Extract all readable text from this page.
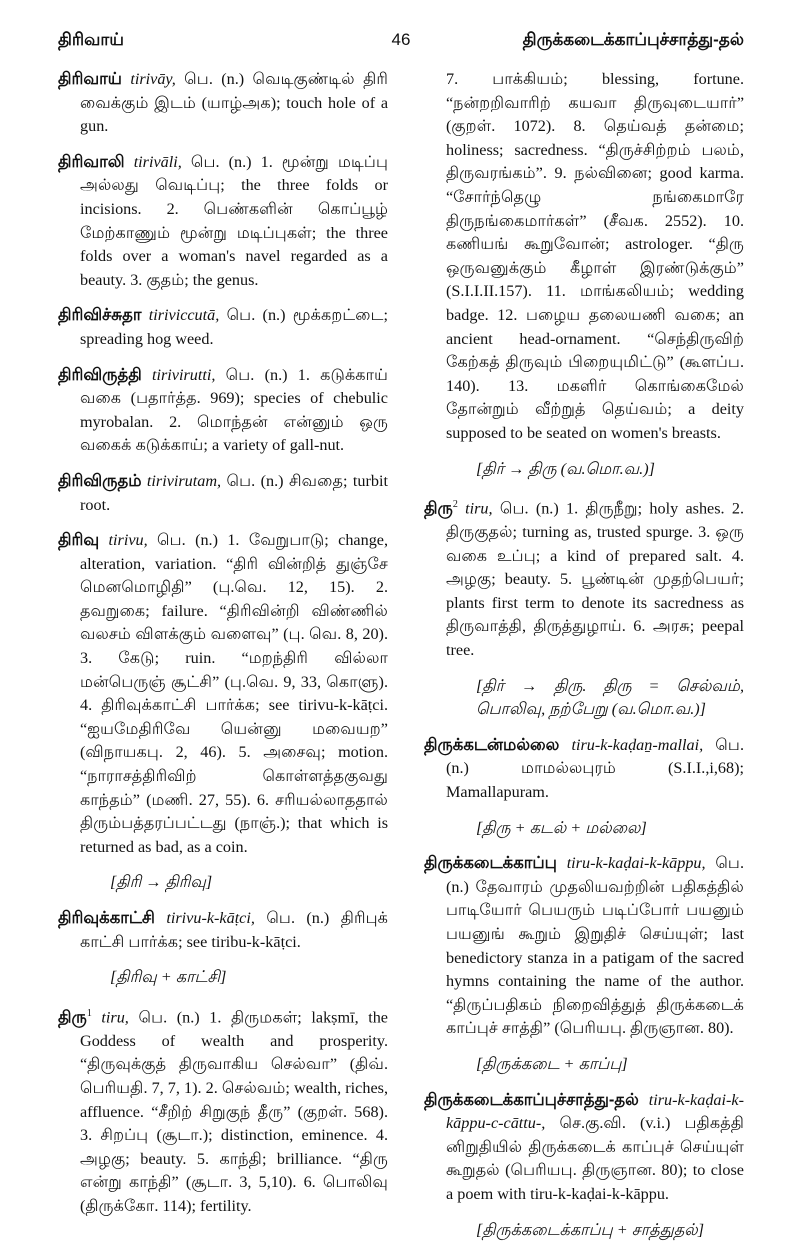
திரிவாய்	46	திருக்கடைக்காப்புச்சாத்து-தல்

திரிவாய் tirivāy, பெ. (n.) வெடிகுண்டில் திரி வைக்கும் இடம் (யாழ்அக); touch hole of a gun.

திரிவாலி tirivāli, பெ. (n.) 1. மூன்று மடிப்பு அல்லது வெடிப்பு; the three folds or incisions. 2. பெண்களின் கொப்பூழ் மேற்காணும் மூன்று மடிப்புகள்; the three folds over a woman's navel regarded as a beauty. 3. குதம்; the genus.

திரிவிச்சுதா tiriviccutā, பெ. (n.) மூக்கறட்டை; spreading hog weed.

திரிவிருத்தி tirivirutti, பெ. (n.) 1. கடுக்காய் வகை (பதார்த்த. 969); species of chebulic myrobalan. 2. மொந்தன் என்னும் ஒரு வகைக் கடுக்காய்; a variety of gall-nut.

திரிவிருதம் tirivirutam, பெ. (n.) சிவதை; turbit root.

திரிவு tirivu, பெ. (n.) 1. வேறுபாடு; change, alteration, variation. “திரி வின்றித் துஞ்சே மெனமொழிதி” (பு.வெ. 12, 15). 2. தவறுகை; failure. “திரிவின்றி விண்ணில் வலசம் விளக்கும் வளைவு” (பு. வெ. 8, 20). 3. கேடு; ruin. “மறந்திரி வில்லா மன்பெருஞ் சூட்சி” (பு.வெ. 9, 33, கொளு). 4. திரிவுக்காட்சி பார்க்க; see tirivu-k-kāṭci. “ஐயமேதிரிவே யென்னு மவையற” (விநாயகபு. 2, 46). 5. அசைவு; motion. “நாராசத்திரிவிற் கொள்ளத்தகுவது காந்தம்” (மணி. 27, 55). 6. சரியல்லாததால் திரும்பத்தரப்பட்டது (நாஞ்.); that which is returned as bad, as a coin.

[திரி → திரிவு]

திரிவுக்காட்சி tirivu-k-kāṭci, பெ. (n.) திரிபுக் காட்சி பார்க்க; see tiribu-k-kāṭci.

[திரிவு + காட்சி]

திரு$^1$ tiru, பெ. (n.) 1. திருமகள்; lakṣmī, the Goddess of wealth and prosperity. “திருவுக்குத் திருவாகிய செல்வா” (திவ். பெரியதி. 7, 7, 1). 2. செல்வம்; wealth, riches, affluence. “சீறிற் சிறுகுந் தீரு” (குறள். 568). 3. சிறப்பு (சூடா.); distinction, eminence. 4. அழகு; beauty. 5. காந்தி; brilliance. “திரு என்று காந்தி” (சூடா. 3, 5,10). 6. பொலிவு (திருக்கோ. 114); fertility.

7. பாக்கியம்; blessing, fortune. “நன்றறிவாரிற் கயவா திருவுடையார்” (குறள். 1072). 8. தெய்வத் தன்மை; holiness; sacredness. “திருச்சிற்றம் பலம், திருவரங்கம்”. 9. நல்வினை; good karma. “சோர்ந்தெழு நங்கைமாரே திருநங்கைமார்கள்” (சீவக. 2552). 10. கணியங் கூறுவோன்; astrologer. “திரு ஒருவனுக்கும் கீழாள் இரண்டுக்கும்” (S.I.I.II.157). 11. மாங்கலியம்; wedding badge. 12. பழைய தலையணி வகை; an ancient head-ornament. “செந்திருவிற் கேற்கத் திருவும் பிறையுமிட்டு” (கூளப்ப. 140). 13. மகளிர் கொங்கைமேல் தோன்றும் வீற்றுத் தெய்வம்; a deity supposed to be seated on women's breasts.

[திர் → திரு (வ.மொ.வ.)]

திரு$^2$ tiru, பெ. (n.) 1. திருநீறு; holy ashes. 2. திருகுதல்; turning as, trusted spurge. 3. ஒரு வகை உப்பு; a kind of prepared salt. 4. அழகு; beauty. 5. பூண்டின் முதற்பெயர்; plants first term to denote its sacredness as திருவாத்தி, திருத்துழாய். 6. அரசு; peepal tree.

[திர் → திரு. திரு = செல்வம், பொலிவு, நற்பேறு (வ.மொ.வ.)]

திருக்கடன்மல்லை tiru-k-kaḍaṉ-mallai, பெ. (n.) மாமல்லபுரம் (S.I.I.,i,68); Mamallapuram.

[திரு + கடல் + மல்லை]

திருக்கடைக்காப்பு tiru-k-kaḍai-k-kāppu, பெ. (n.) தேவாரம் முதலியவற்றின் பதிகத்தில் பாடியோர் பெயரும் படிப்போர் பயனும் பயனுங் கூறும் இறுதிச் செய்யுள்; last benedictory stanza in a patigam of the sacred hymns containing the name of the author. “திருப்பதிகம் நிறைவித்துத் திருக்கடைக் காப்புச் சாத்தி” (பெரியபு. திருஞான. 80).

[திருக்கடை + காப்பு]

திருக்கடைக்காப்புச்சாத்து-தல் tiru-k-kaḍai-k-kāppu-c-cāttu-, செ.கு.வி. (v.i.) பதிகத்தி னிறுதியில் திருக்கடைக் காப்புச் செய்யுள் கூறுதல் (பெரியபு. திருஞான. 80); to close a poem with tiru-k-kaḍai-k-kāppu.

[திருக்கடைக்காப்பு + சாத்துதல்]
